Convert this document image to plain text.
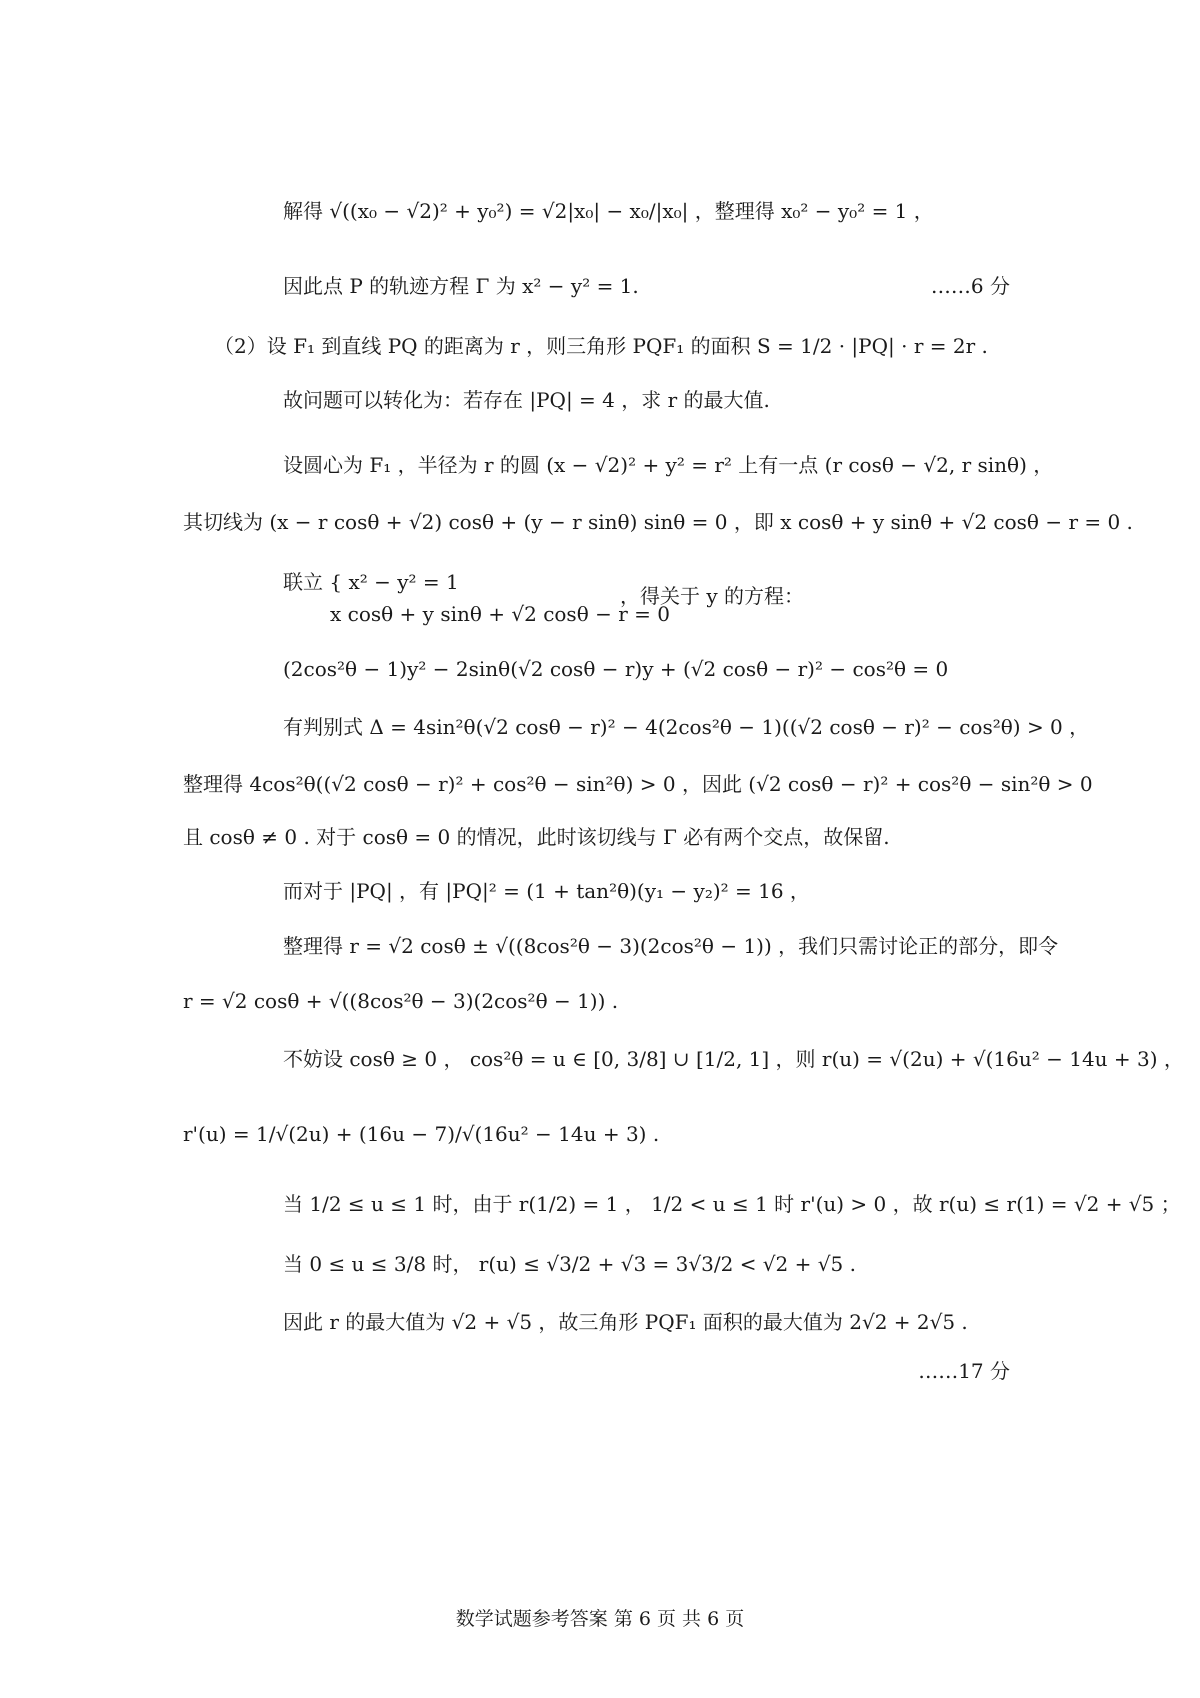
解得 √((x₀ − √2)² + y₀²) = √2|x₀| − x₀/|x₀| ，整理得 x₀² − y₀² = 1 ，
因此点 P 的轨迹方程 Γ 为 x² − y² = 1.	……6 分
（2）设 F₁ 到直线 PQ 的距离为 r ，则三角形 PQF₁ 的面积 S = 1/2 · |PQ| · r = 2r .
故问题可以转化为：若存在 |PQ| = 4 ，求 r 的最大值.
设圆心为 F₁ ，半径为 r 的圆 (x − √2)² + y² = r² 上有一点 (r cosθ − √2, r sinθ) ，
其切线为 (x − r cosθ + √2) cosθ + (y − r sinθ) sinθ = 0 ，即 x cosθ + y sinθ + √2 cosθ − r = 0 .
联立 { x² − y² = 1
x cosθ + y sinθ + √2 cosθ − r = 0
，得关于 y 的方程：
(2cos²θ − 1)y² − 2sinθ(√2 cosθ − r)y + (√2 cosθ − r)² − cos²θ = 0
有判别式 Δ = 4sin²θ(√2 cosθ − r)² − 4(2cos²θ − 1)((√2 cosθ − r)² − cos²θ) > 0 ，
整理得 4cos²θ((√2 cosθ − r)² + cos²θ − sin²θ) > 0 ，因此 (√2 cosθ − r)² + cos²θ − sin²θ > 0
且 cosθ ≠ 0 . 对于 cosθ = 0 的情况，此时该切线与 Γ 必有两个交点，故保留.
而对于 |PQ| ，有 |PQ|² = (1 + tan²θ)(y₁ − y₂)² = 16 ，
整理得 r = √2 cosθ ± √((8cos²θ − 3)(2cos²θ − 1)) ，我们只需讨论正的部分，即令
r = √2 cosθ + √((8cos²θ − 3)(2cos²θ − 1)) .
不妨设 cosθ ≥ 0 ， cos²θ = u ∈ [0, 3/8] ∪ [1/2, 1] ，则 r(u) = √(2u) + √(16u² − 14u + 3) ，
r'(u) = 1/√(2u) + (16u − 7)/√(16u² − 14u + 3) .
当 1/2 ≤ u ≤ 1 时，由于 r(1/2) = 1 ， 1/2 < u ≤ 1 时 r'(u) > 0 ，故 r(u) ≤ r(1) = √2 + √5 ；
当 0 ≤ u ≤ 3/8 时， r(u) ≤ √3/2 + √3 = 3√3/2 < √2 + √5 .
因此 r 的最大值为 √2 + √5 ，故三角形 PQF₁ 面积的最大值为 2√2 + 2√5 .
……17 分
数学试题参考答案 第 6 页 共 6 页
